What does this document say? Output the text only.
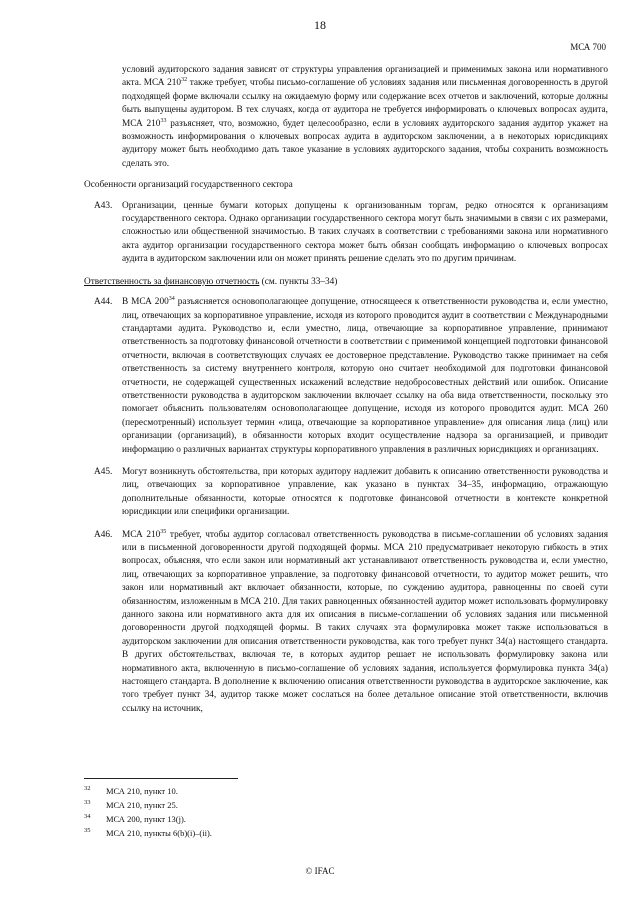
18
МСА 700

условий аудиторского задания зависят от структуры управления организацией и применимых закона или нормативного акта. МСА $210^{32}$ также требует, чтобы письмо-соглашение об условиях задания или письменная договоренность в другой подходящей форме включали ссылку на ожидаемую форму или содержание всех отчетов и заключений, которые должны быть выпущены аудитором. В тех случаях, когда от аудитора не требуется информировать о ключевых вопросах аудита, МСА $210^{33}$ разъясняет, что, возможно, будет целесообразно, если в условиях аудиторского задания аудитор укажет на возможность информирования о ключевых вопросах аудита в аудиторском заключении, а в некоторых юрисдикциях аудитору может быть необходимо дать такое указание в условиях аудиторского задания, чтобы сохранить возможность сделать это.

Особенности организаций государственного сектора

A43. Организации, ценные бумаги которых допущены к организованным торгам, редко относятся к организациям государственного сектора. Однако организации государственного сектора могут быть значимыми в связи с их размерами, сложностью или общественной значимостью. В таких случаях в соответствии с требованиями закона или нормативного акта аудитор организации государственного сектора может быть обязан сообщать информацию о ключевых вопросах аудита в аудиторском заключении или он может принять решение сделать это по другим причинам.

Ответственность за финансовую отчетность (см. пункты 33–34)

A44. В МСА $200^{34}$ разъясняется основополагающее допущение, относящееся к ответственности руководства и, если уместно, лиц, отвечающих за корпоративное управление, исходя из которого проводится аудит в соответствии с Международными стандартами аудита. Руководство и, если уместно, лица, отвечающие за корпоративное управление, принимают ответственность за подготовку финансовой отчетности в соответствии с применимой концепцией подготовки финансовой отчетности, включая в соответствующих случаях ее достоверное представление. Руководство также принимает на себя ответственность за систему внутреннего контроля, которую оно считает необходимой для подготовки финансовой отчетности, не содержащей существенных искажений вследствие недобросовестных действий или ошибок. Описание ответственности руководства в аудиторском заключении включает ссылку на оба вида ответственности, поскольку это помогает объяснить пользователям основополагающее допущение, исходя из которого проводится аудит. МСА 260 (пересмотренный) использует термин «лица, отвечающие за корпоративное управление» для описания лица (лиц) или организации (организаций), в обязанности которых входит осуществление надзора за организацией, и приводит информацию о различных вариантах структуры корпоративного управления в различных юрисдикциях и организациях.

A45. Могут возникнуть обстоятельства, при которых аудитору надлежит добавить к описанию ответственности руководства и лиц, отвечающих за корпоративное управление, как указано в пунктах 34–35, информацию, отражающую дополнительные обязанности, которые относятся к подготовке финансовой отчетности в контексте конкретной юрисдикции или специфики организации.

A46. МСА $210^{35}$ требует, чтобы аудитор согласовал ответственность руководства в письме-соглашении об условиях задания или в письменной договоренности другой подходящей формы. МСА 210 предусматривает некоторую гибкость в этих вопросах, объясняя, что если закон или нормативный акт устанавливают ответственность руководства и, если уместно, лиц, отвечающих за корпоративное управление, за подготовку финансовой отчетности, то аудитор может решить, что закон или нормативный акт включает обязанности, которые, по суждению аудитора, равноценны по своей сути обязанностям, изложенным в МСА 210. Для таких равноценных обязанностей аудитор может использовать формулировку данного закона или нормативного акта для их описания в письме-соглашении об условиях задания или письменной договоренности другой подходящей формы. В таких случаях эта формулировка может также использоваться в аудиторском заключении для описания ответственности руководства, как того требует пункт 34(a) настоящего стандарта. В других обстоятельствах, включая те, в которых аудитор решает не использовать формулировку закона или нормативного акта, включенную в письмо-соглашение об условиях задания, используется формулировка пункта 34(a) настоящего стандарта. В дополнение к включению описания ответственности руководства в аудиторское заключение, как того требует пункт 34, аудитор также может сослаться на более детальное описание этой ответственности, включив ссылку на источник,

32 МСА 210, пункт 10.
33 МСА 210, пункт 25.
34 МСА 200, пункт 13(j).
35 МСА 210, пункты 6(b)(i)–(ii).
© IFAC
